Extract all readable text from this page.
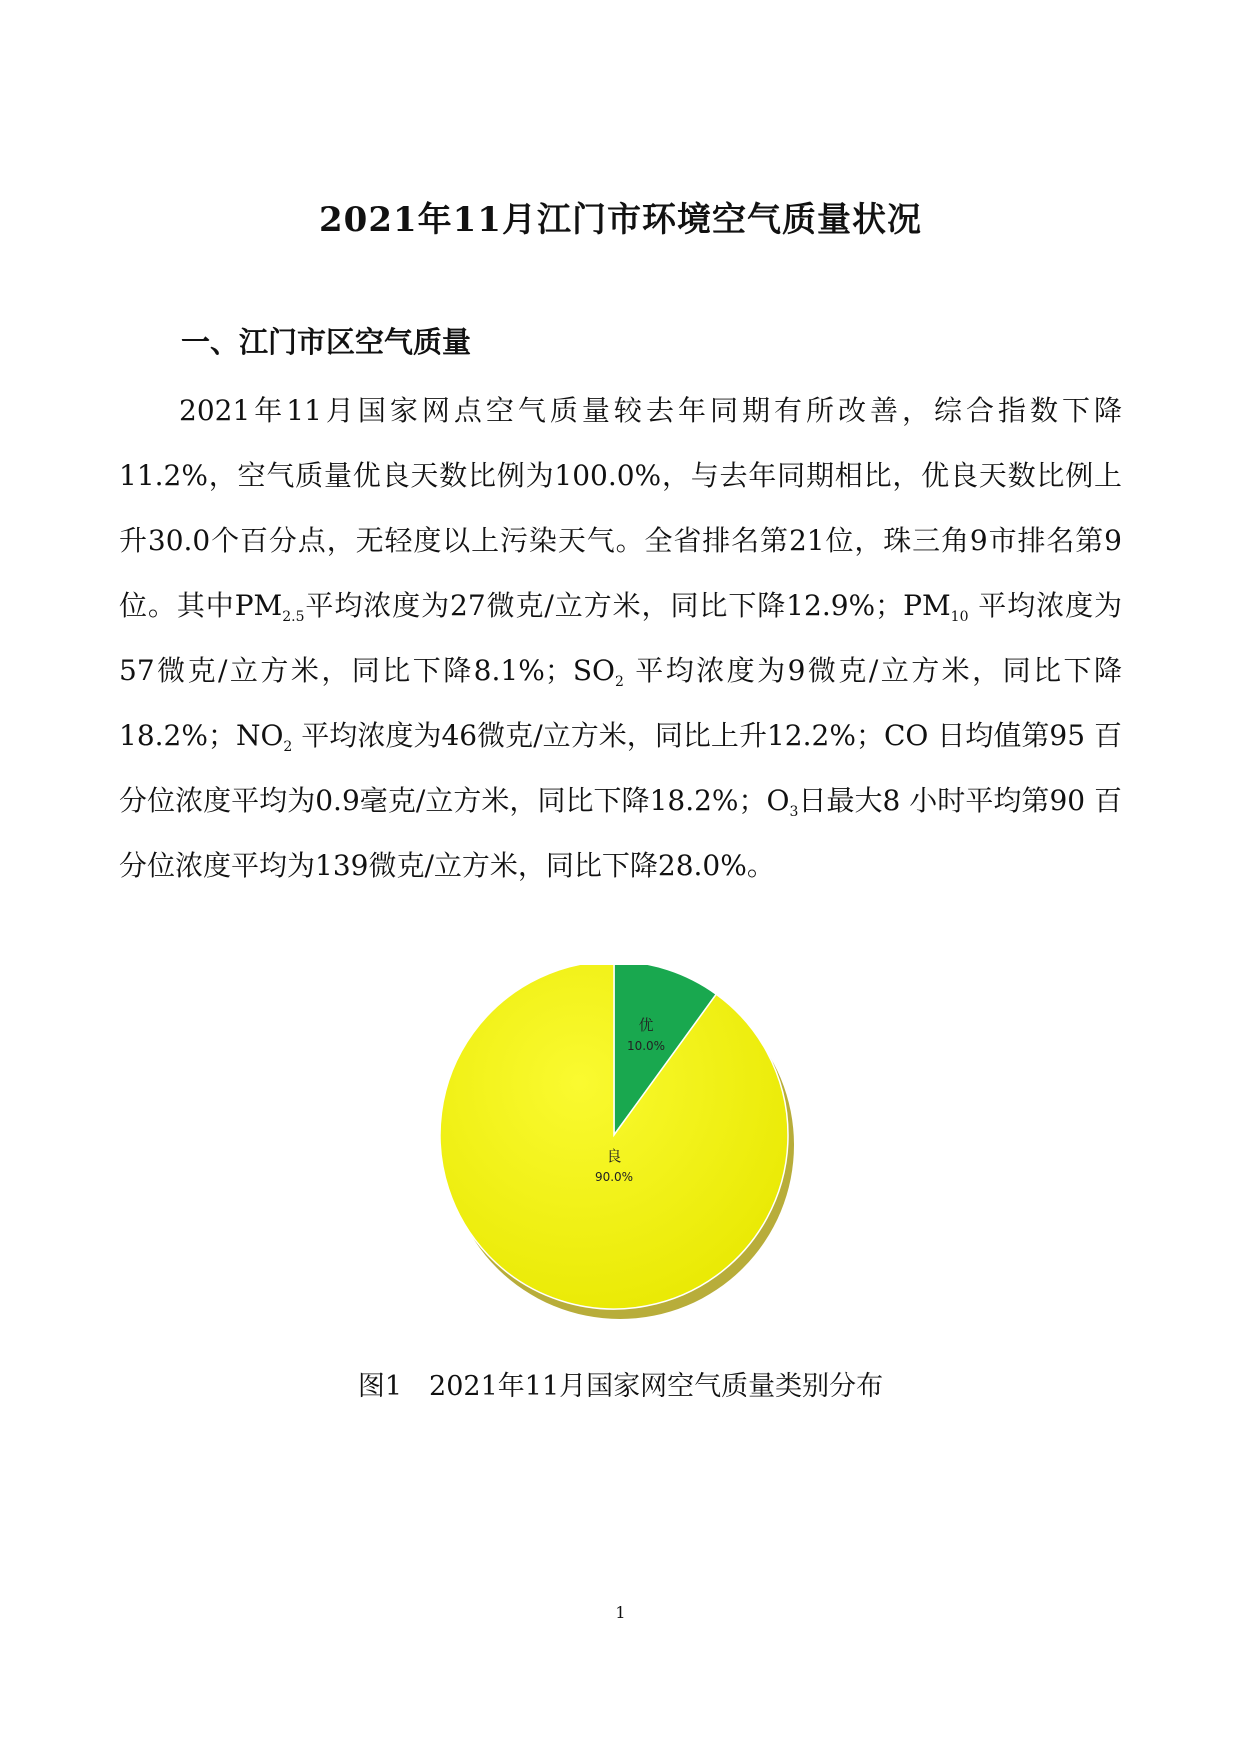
2021年11月江门市环境空气质量状况
一、江门市区空气质量

2021年11月国家网点空气质量较去年同期有所改善，综合指数下降11.2%，空气质量优良天数比例为100.0%，与去年同期相比，优良天数比例上升30.0个百分点，无轻度以上污染天气。全省排名第21位，珠三角9市排名第9位。其中$PM_{2.5}$平均浓度为27微克/立方米，同比下降12.9%；$PM_{10}$ 平均浓度为57微克/立方米，同比下降8.1%；$SO_2$ 平均浓度为9微克/立方米，同比下降18.2%；$NO_2$ 平均浓度为46微克/立方米，同比上升12.2%；CO 日均值第95 百分位浓度平均为0.9毫克/立方米，同比下降18.2%；$O_3$日最大8 小时平均第90 百分位浓度平均为139微克/立方米，同比下降28.0%。

优
10.0%
良
90.0%

图1　2021年11月国家网空气质量类别分布

1
